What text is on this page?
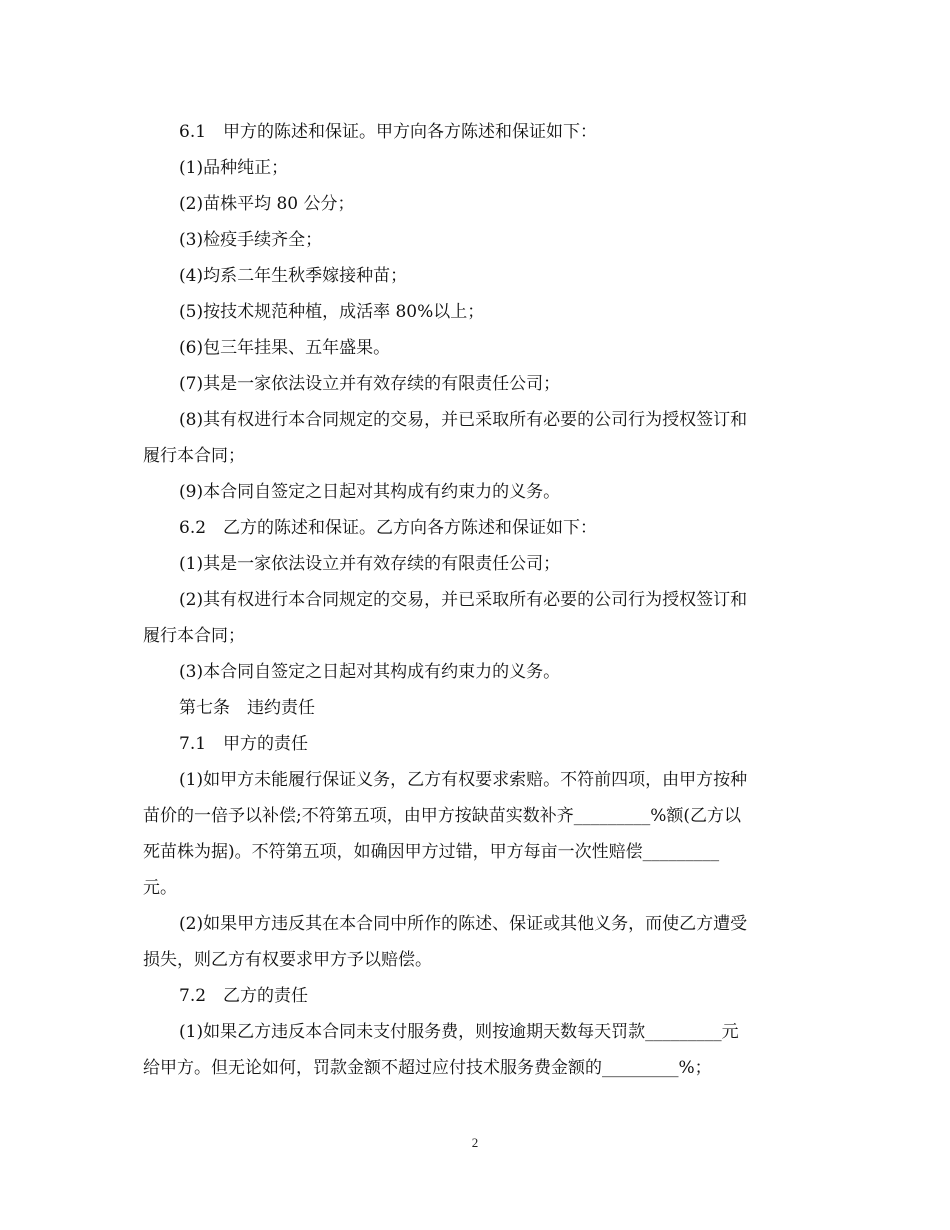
6.1　甲方的陈述和保证。甲方向各方陈述和保证如下：
(1)品种纯正；
(2)苗株平均 80 公分；
(3)检疫手续齐全；
(4)均系二年生秋季嫁接种苗；
(5)按技术规范种植，成活率 80%以上；
(6)包三年挂果、五年盛果。
(7)其是一家依法设立并有效存续的有限责任公司；
(8)其有权进行本合同规定的交易，并已采取所有必要的公司行为授权签订和
履行本合同；
(9)本合同自签定之日起对其构成有约束力的义务。
6.2　乙方的陈述和保证。乙方向各方陈述和保证如下：
(1)其是一家依法设立并有效存续的有限责任公司；
(2)其有权进行本合同规定的交易，并已采取所有必要的公司行为授权签订和
履行本合同；
(3)本合同自签定之日起对其构成有约束力的义务。
第七条　违约责任
7.1　甲方的责任
(1)如甲方未能履行保证义务，乙方有权要求索赔。不符前四项，由甲方按种
苗价的一倍予以补偿;不符第五项，由甲方按缺苗实数补齐_________%额(乙方以
死苗株为据)。不符第五项，如确因甲方过错，甲方每亩一次性赔偿_________
元。
(2)如果甲方违反其在本合同中所作的陈述、保证或其他义务，而使乙方遭受
损失，则乙方有权要求甲方予以赔偿。
7.2　乙方的责任
(1)如果乙方违反本合同未支付服务费，则按逾期天数每天罚款_________元
给甲方。但无论如何，罚款金额不超过应付技术服务费金额的_________%；
2
